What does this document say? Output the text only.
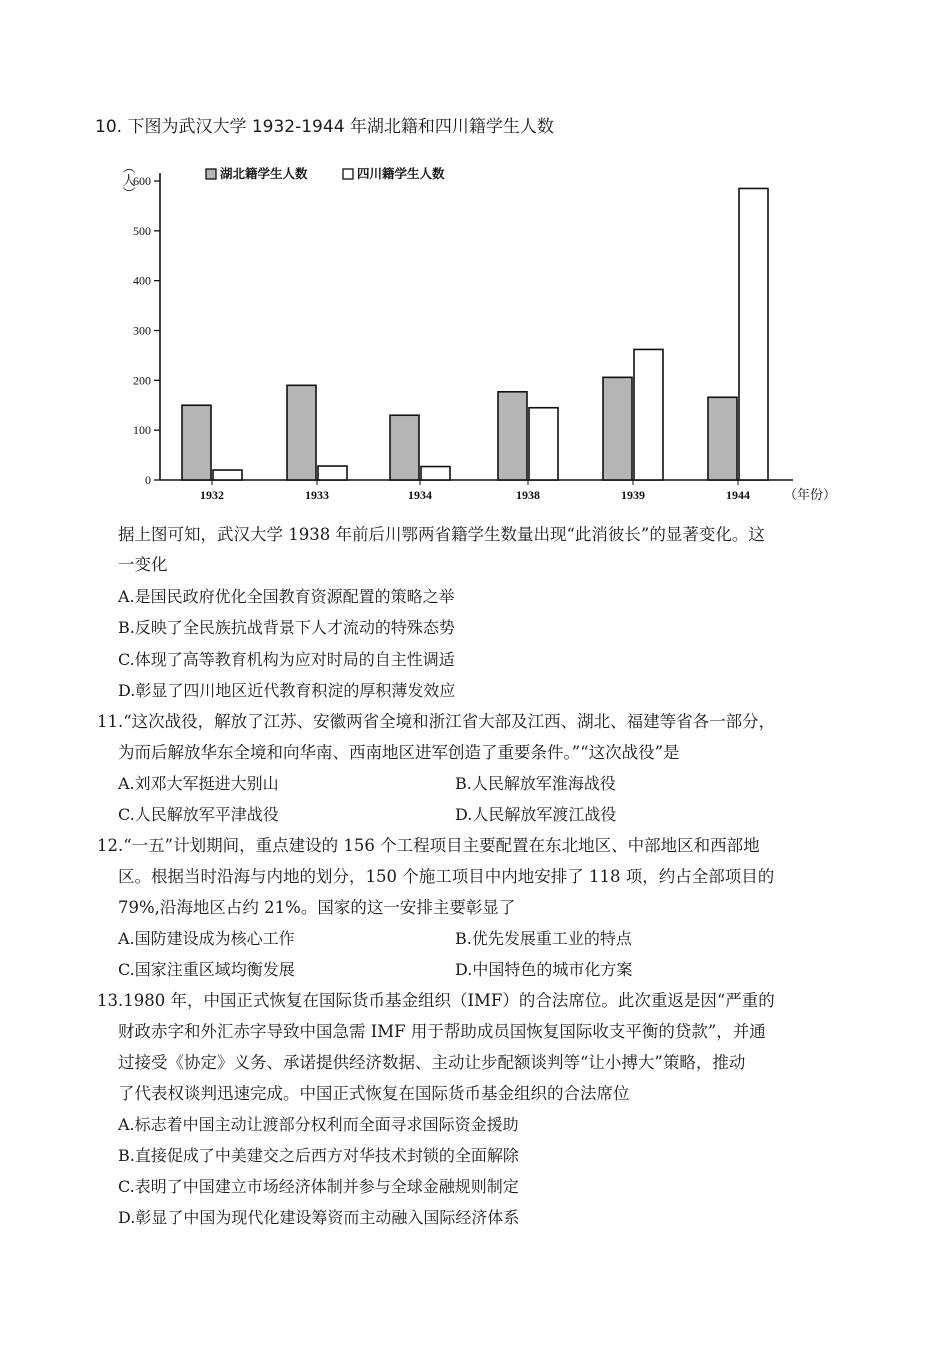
10. 下图为武汉大学 1932-1944 年湖北籍和四川籍学生人数
0
100
200
300
400
500
600
（人）
1932	1933	1934	1938	1939	1944	（年份）
湖北籍学生人数	四川籍学生人数

据上图可知，武汉大学 1938 年前后川鄂两省籍学生数量出现“此消彼长”的显著变化。这

一变化

A.是国民政府优化全国教育资源配置的策略之举

B.反映了全民族抗战背景下人才流动的特殊态势

C.体现了高等教育机构为应对时局的自主性调适

D.彰显了四川地区近代教育积淀的厚积薄发效应

11.“这次战役，解放了江苏、安徽两省全境和浙江省大部及江西、湖北、福建等省各一部分，

为而后解放华东全境和向华南、西南地区进军创造了重要条件。”“这次战役”是

A.刘邓大军挺进大别山	B.人民解放军淮海战役

C.人民解放军平津战役	D.人民解放军渡江战役

12.“一五”计划期间，重点建设的 156 个工程项目主要配置在东北地区、中部地区和西部地

区。根据当时沿海与内地的划分，150 个施工项目中内地安排了 118 项，约占全部项目的

79%,沿海地区占约 21%。国家的这一安排主要彰显了

A.国防建设成为核心工作	B.优先发展重工业的特点

C.国家注重区域均衡发展	D.中国特色的城市化方案

13.1980 年，中国正式恢复在国际货币基金组织（IMF）的合法席位。此次重返是因“严重的

财政赤字和外汇赤字导致中国急需 IMF 用于帮助成员国恢复国际收支平衡的贷款”，并通

过接受《协定》义务、承诺提供经济数据、主动让步配额谈判等“让小搏大”策略，推动

了代表权谈判迅速完成。中国正式恢复在国际货币基金组织的合法席位

A.标志着中国主动让渡部分权利而全面寻求国际资金援助

B.直接促成了中美建交之后西方对华技术封锁的全面解除

C.表明了中国建立市场经济体制并参与全球金融规则制定

D.彰显了中国为现代化建设筹资而主动融入国际经济体系
